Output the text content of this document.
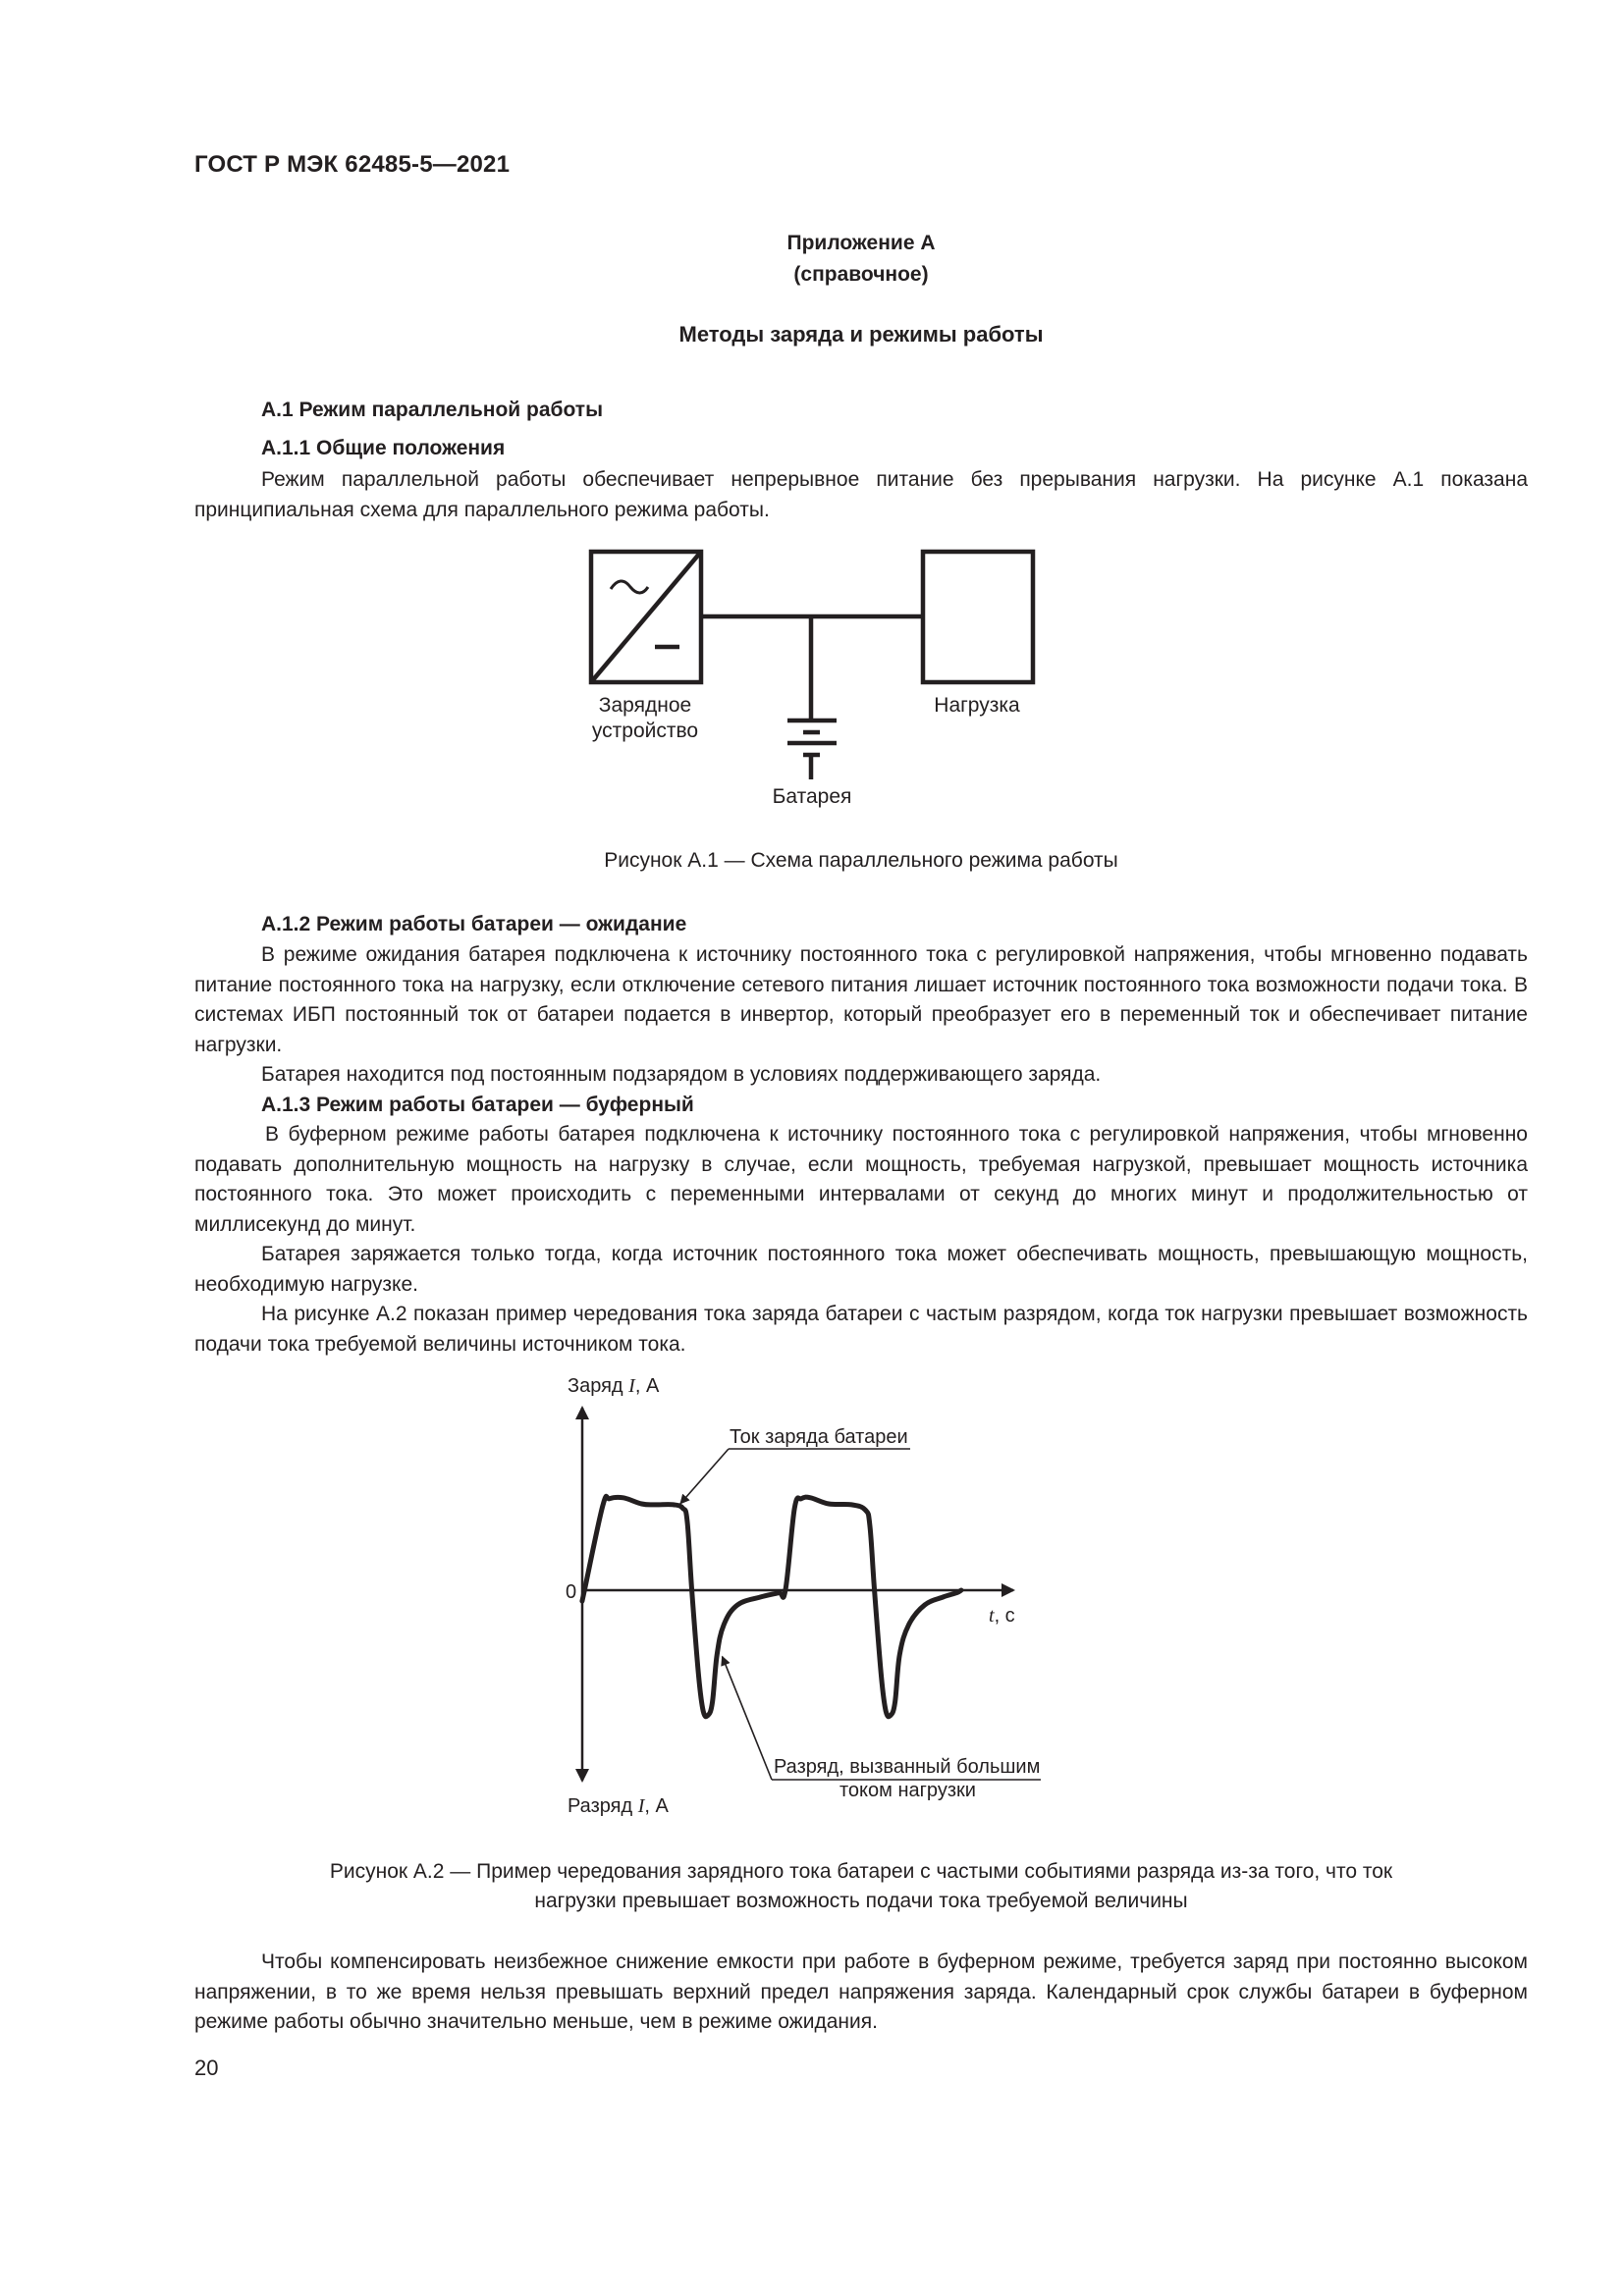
ГОСТ Р МЭК 62485-5—2021
Приложение А
(справочное)
Методы заряда и режимы работы
А.1 Режим параллельной работы
А.1.1 Общие положения
Режим параллельной работы обеспечивает непрерывное питание без прерывания нагрузки. На рисунке А.1 показана принципиальная схема для параллельного режима работы.
Зарядное
устройство
Нагрузка
Батарея
Рисунок А.1 — Схема параллельного режима работы
А.1.2 Режим работы батареи — ожидание
В режиме ожидания батарея подключена к источнику постоянного тока с регулировкой напряжения, чтобы мгновенно подавать питание постоянного тока на нагрузку, если отключение сетевого питания лишает источник постоянного тока возможности подачи тока. В системах ИБП постоянный ток от батареи подается в инвертор, который преобразует его в переменный ток и обеспечивает питание нагрузки.
Батарея находится под постоянным подзарядом в условиях поддерживающего заряда.
А.1.3 Режим работы батареи — буферный
В буферном режиме работы батарея подключена к источнику постоянного тока с регулировкой напряжения, чтобы мгновенно подавать дополнительную мощность на нагрузку в случае, если мощность, требуемая нагрузкой, превышает мощность источника постоянного тока. Это может происходить с переменными интервалами от секунд до многих минут и продолжительностью от миллисекунд до минут.
Батарея заряжается только тогда, когда источник постоянного тока может обеспечивать мощность, превышающую мощность, необходимую нагрузке.
На рисунке А.2 показан пример чередования тока заряда батареи с частым разрядом, когда ток нагрузки превышает возможность подачи тока требуемой величины источником тока.
Заряд I, А
Разряд I, А
0
t, с
Ток заряда батареи
Разряд, вызванный большим
током нагрузки
Рисунок А.2 — Пример чередования зарядного тока батареи с частыми событиями разряда из-за того, что ток
нагрузки превышает возможность подачи тока требуемой величины
Чтобы компенсировать неизбежное снижение емкости при работе в буферном режиме, требуется заряд при постоянно высоком напряжении, в то же время нельзя превышать верхний предел напряжения заряда. Календарный срок службы батареи в буферном режиме работы обычно значительно меньше, чем в режиме ожидания.
20
